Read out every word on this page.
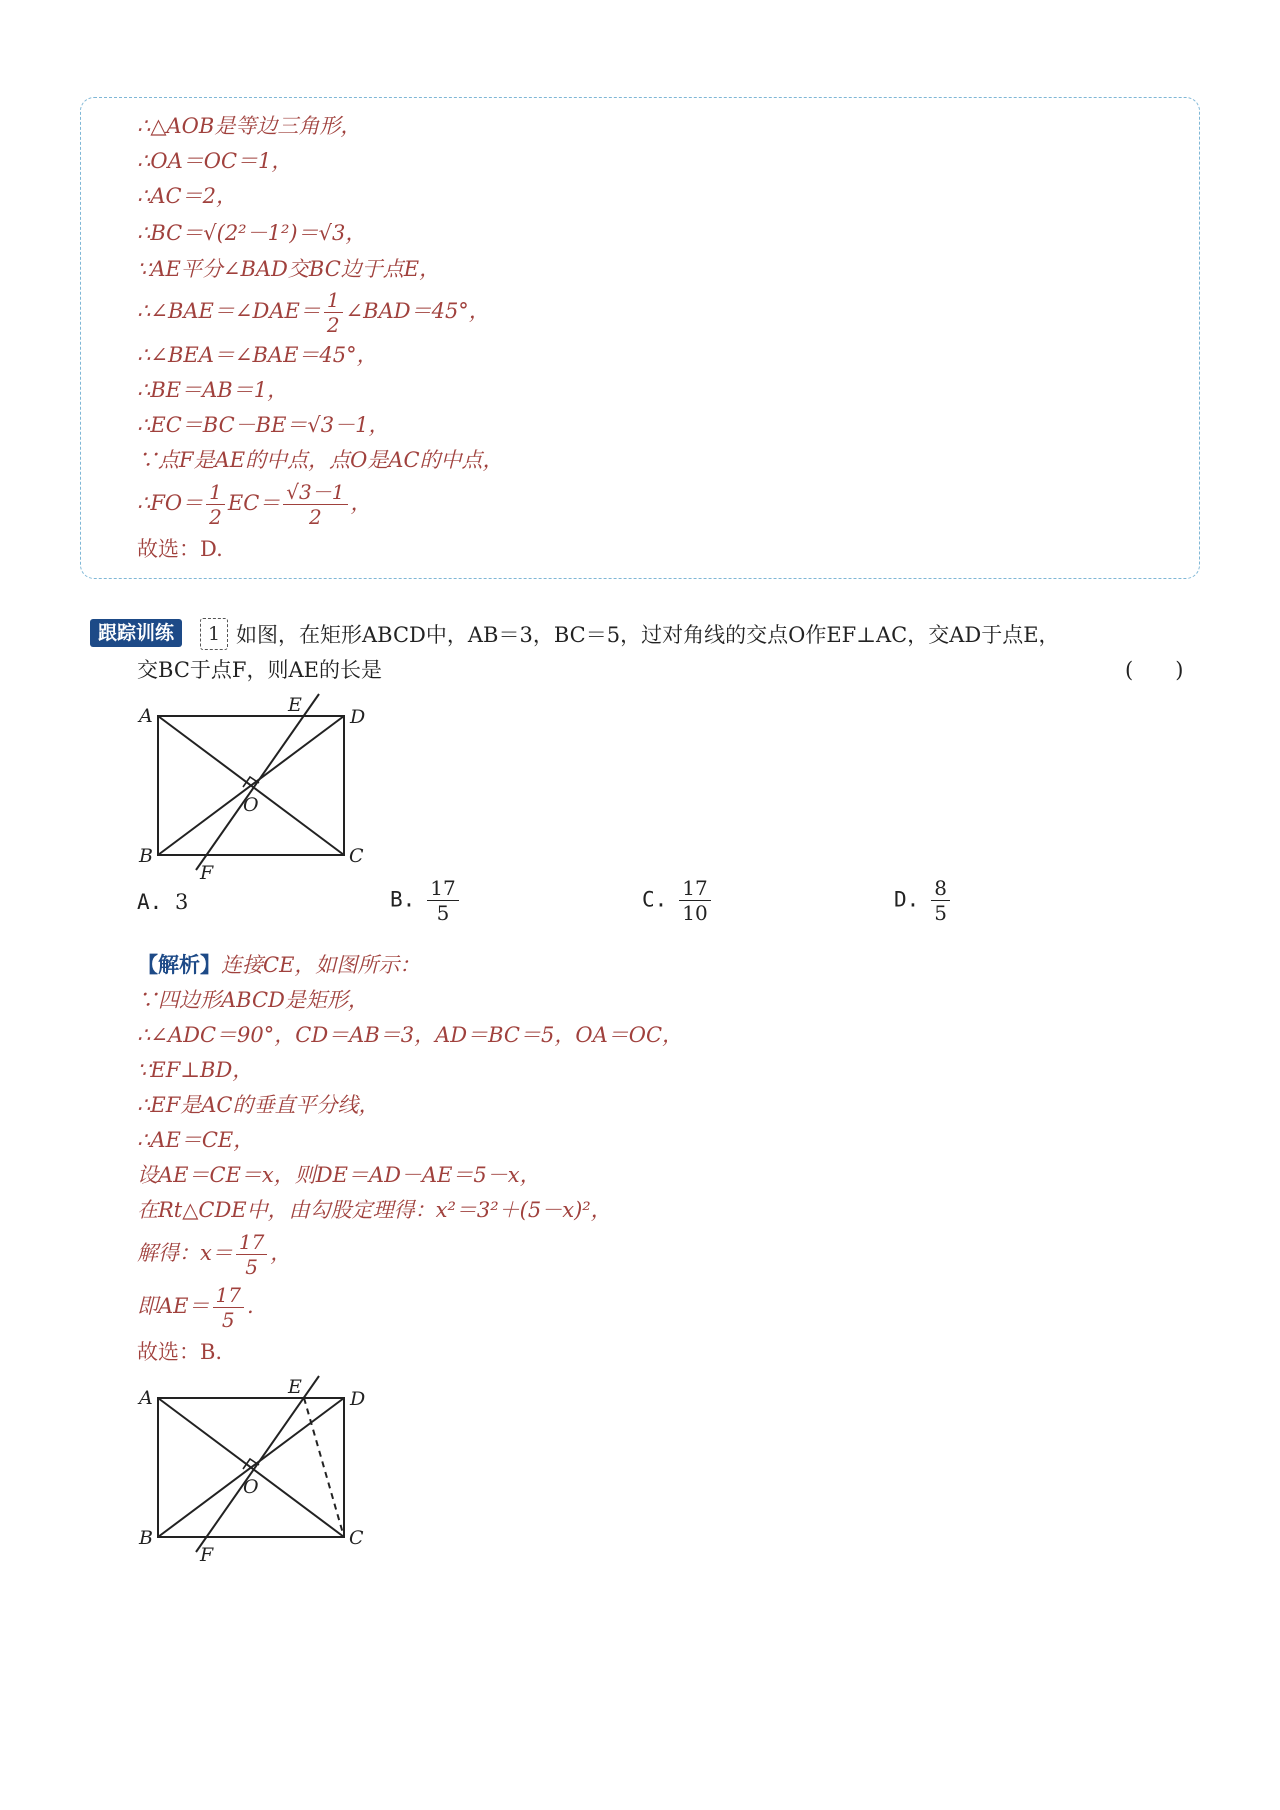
∴△AOB是等边三角形，
∴OA＝OC＝1，
∴AC＝2，
∴BC＝√(2²－1²)＝√3，
∵AE平分∠BAD交BC边于点E，
∴∠BAE＝∠DAE＝ $\frac{1}{2}$ ∠BAD＝45°，
∴∠BEA＝∠BAE＝45°，
∴BE＝AB＝1，
∴EC＝BC－BE＝√3－1，
∵点F是AE的中点，点O是AC的中点，
∴FO＝ $\frac{1}{2} EC= \frac{√3-1}{2}$ ，
故选：D.
跟踪训练	1 如图，在矩形ABCD中，AB＝3，BC＝5，过对角线的交点O作EF⊥AC，交AD于点E，
交BC于点F，则AE的长是	(　　)
A	D
B	C
E
F
O
A. 3	B. $\frac{17}{5}$	C. $\frac{17}{10}$	D. $\frac{8}{5}$
【解析】连接CE，如图所示：
∵四边形ABCD是矩形，
∴∠ADC＝90°，CD＝AB＝3，AD＝BC＝5，OA＝OC，
∵EF⊥BD，
∴EF是AC的垂直平分线，
∴AE＝CE，
设AE＝CE＝x，则DE＝AD－AE＝5－x，
在Rt△CDE中，由勾股定理得：x²＝3²＋(5－x)²，
解得：$x= \frac{17}{5}$ ，
即$AE= \frac{17}{5}$ .
故选：B.
A	D
B	C
E
F
O
